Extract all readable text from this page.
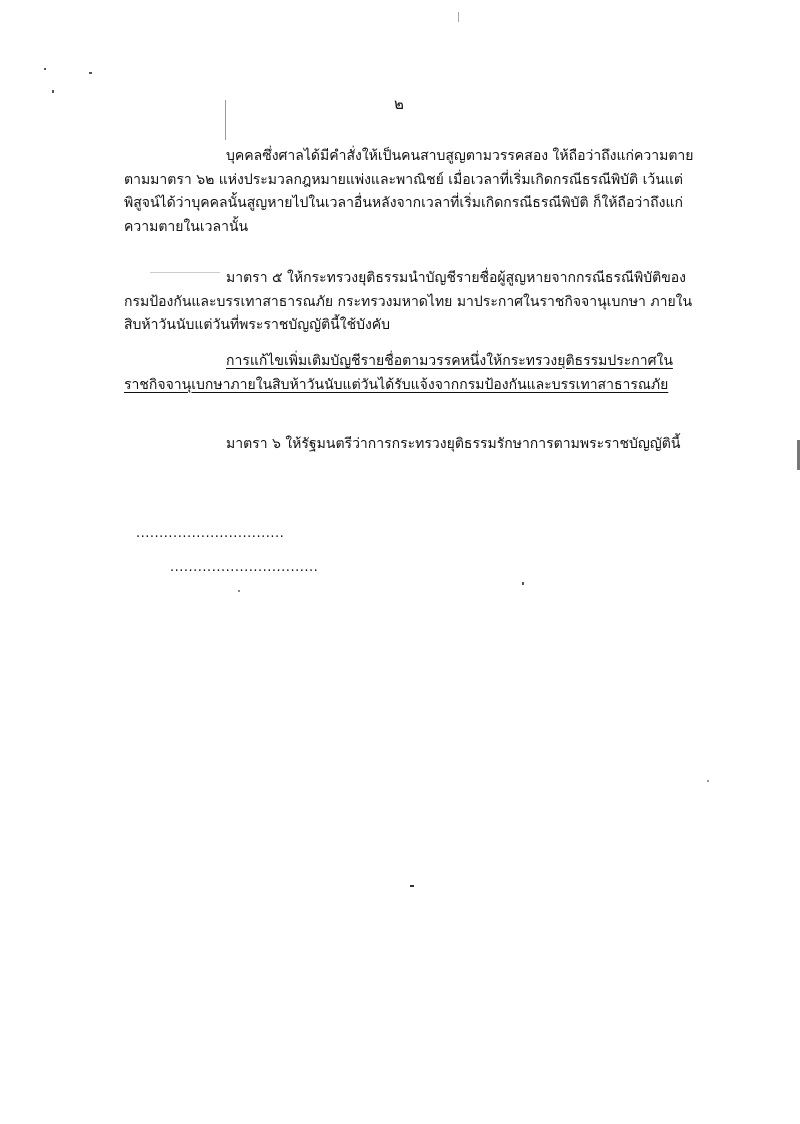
๒

บุคคลซึ่งศาลได้มีคำสั่งให้เป็นคนสาบสูญตามวรรคสอง ให้ถือว่าถึงแก่ความตาย
ตามมาตรา ๖๒ แห่งประมวลกฎหมายแพ่งและพาณิชย์ เมื่อเวลาที่เริ่มเกิดกรณีธรณีพิบัติ เว้นแต่
พิสูจน์ได้ว่าบุคคลนั้นสูญหายไปในเวลาอื่นหลังจากเวลาที่เริ่มเกิดกรณีธรณีพิบัติ ก็ให้ถือว่าถึงแก่
ความตายในเวลานั้น

มาตรา ๕ ให้กระทรวงยุติธรรมนำบัญชีรายชื่อผู้สูญหายจากกรณีธรณีพิบัติของ
กรมป้องกันและบรรเทาสาธารณภัย กระทรวงมหาดไทย มาประกาศในราชกิจจานุเบกษา ภายใน
สิบห้าวันนับแต่วันที่พระราชบัญญัตินี้ใช้บังคับ

การแก้ไขเพิ่มเติมบัญชีรายชื่อตามวรรคหนึ่งให้กระทรวงยุติธรรมประกาศใน
ราชกิจจานุเบกษาภายในสิบห้าวันนับแต่วันได้รับแจ้งจากกรมป้องกันและบรรเทาสาธารณภัย

มาตรา ๖ ให้รัฐมนตรีว่าการกระทรวงยุติธรรมรักษาการตามพระราชบัญญัตินี้

................................
................................
